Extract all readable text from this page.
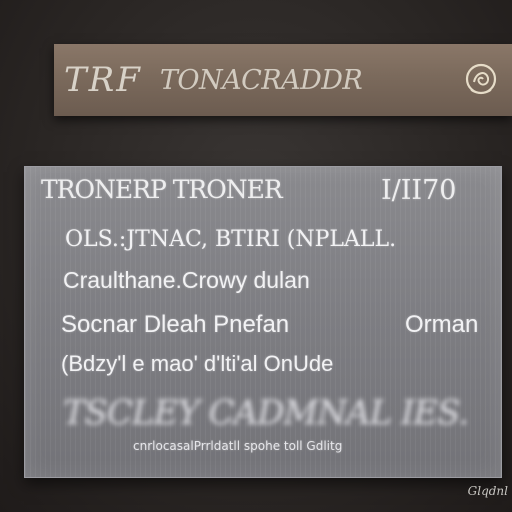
TRF TONACRADDR
TRONERP TRONER	I/II70
OLS.:JTNAC, BTIRI (NPLALL.
Craulthane.Crowy dulan
Socnar Dleah Pnefan	Orman
(Bdzy'l e mao' d'lti'al OnUde
TSCLEY CADMNAL IES.
cnrlocasalPrrldatll spohe toll Gdlitg
Glqdnl
